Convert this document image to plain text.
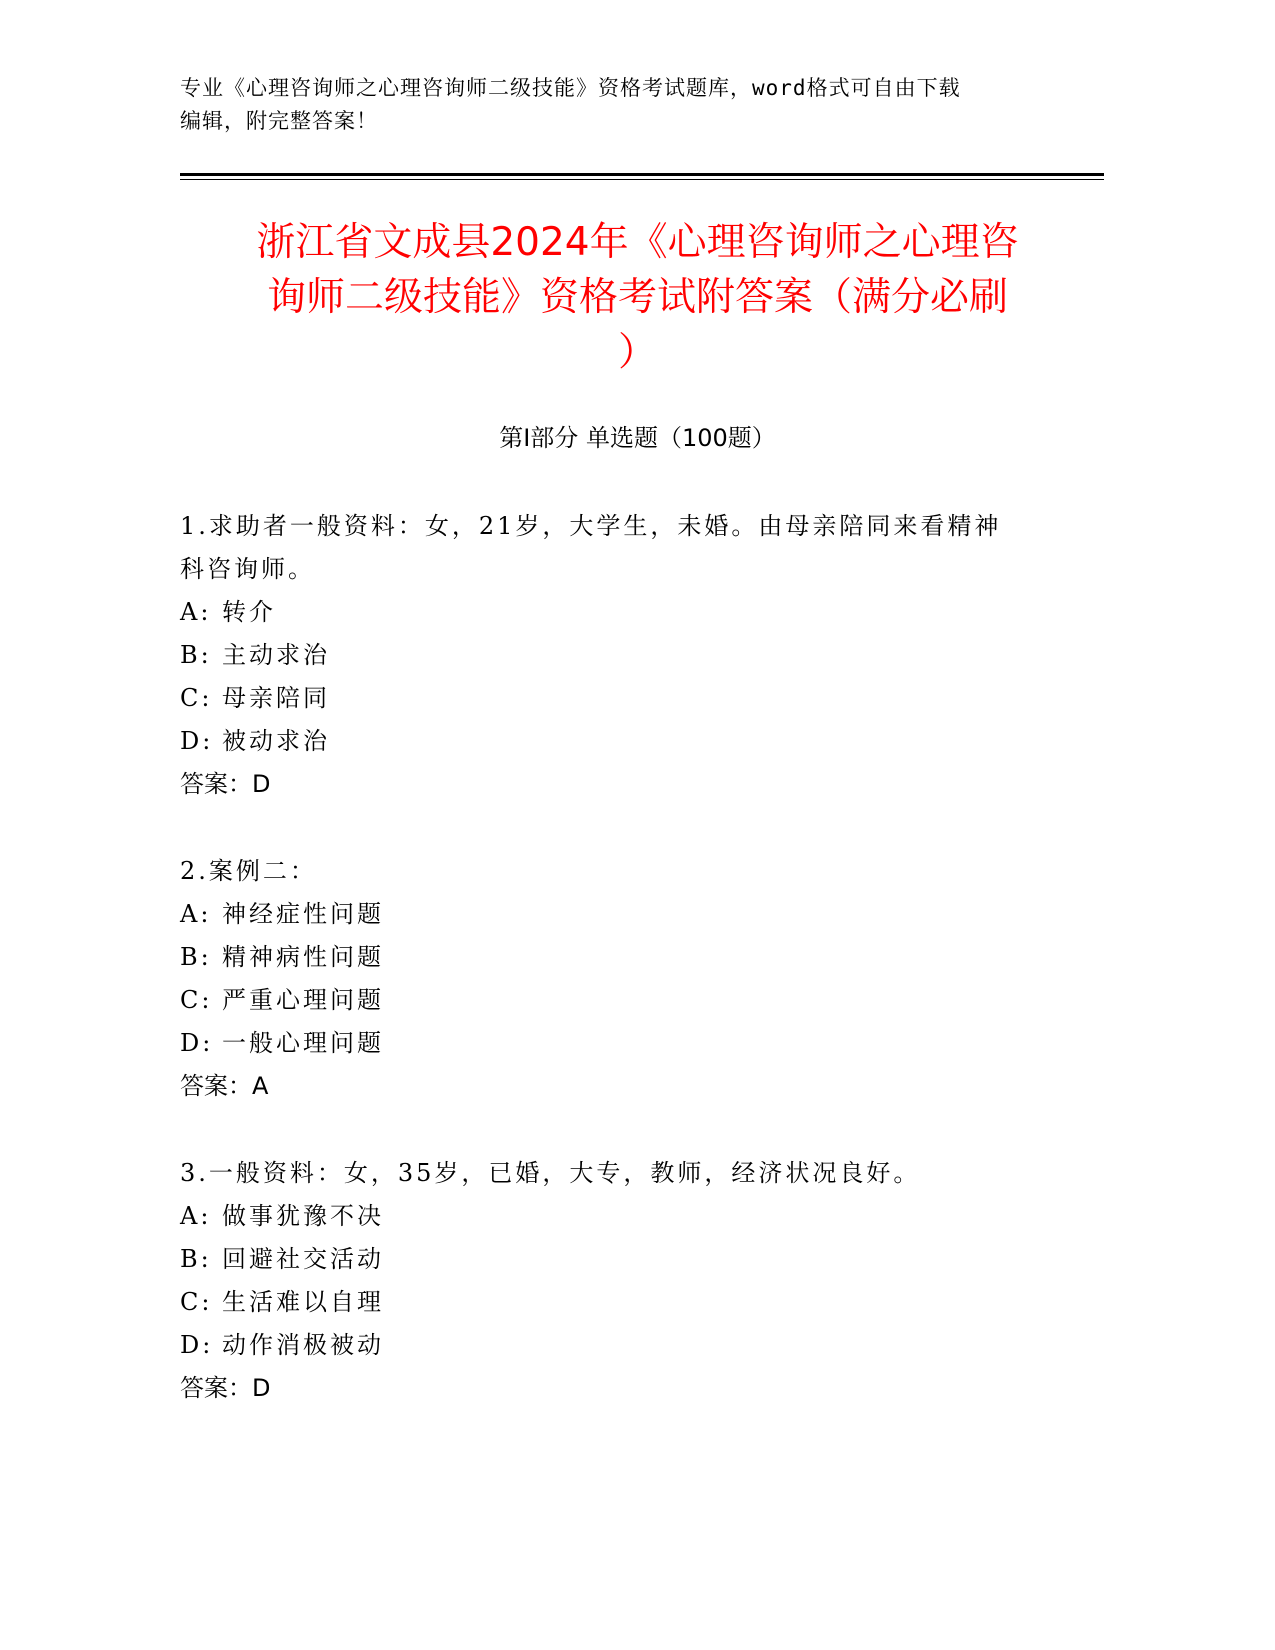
专业《心理咨询师之心理咨询师二级技能》资格考试题库，word格式可自由下载
编辑，附完整答案！
浙江省文成县2024年《心理咨询师之心理咨
询师二级技能》资格考试附答案（满分必刷
）
第I部分 单选题（100题）
1.求助者一般资料：女，21岁，大学生，未婚。由母亲陪同来看精神
科咨询师。
A: 转介
B: 主动求治
C: 母亲陪同
D: 被动求治
答案：D
2.案例二：
A: 神经症性问题
B: 精神病性问题
C: 严重心理问题
D: 一般心理问题
答案：A
3.一般资料：女，35岁，已婚，大专，教师，经济状况良好。
A: 做事犹豫不决
B: 回避社交活动
C: 生活难以自理
D: 动作消极被动
答案：D
